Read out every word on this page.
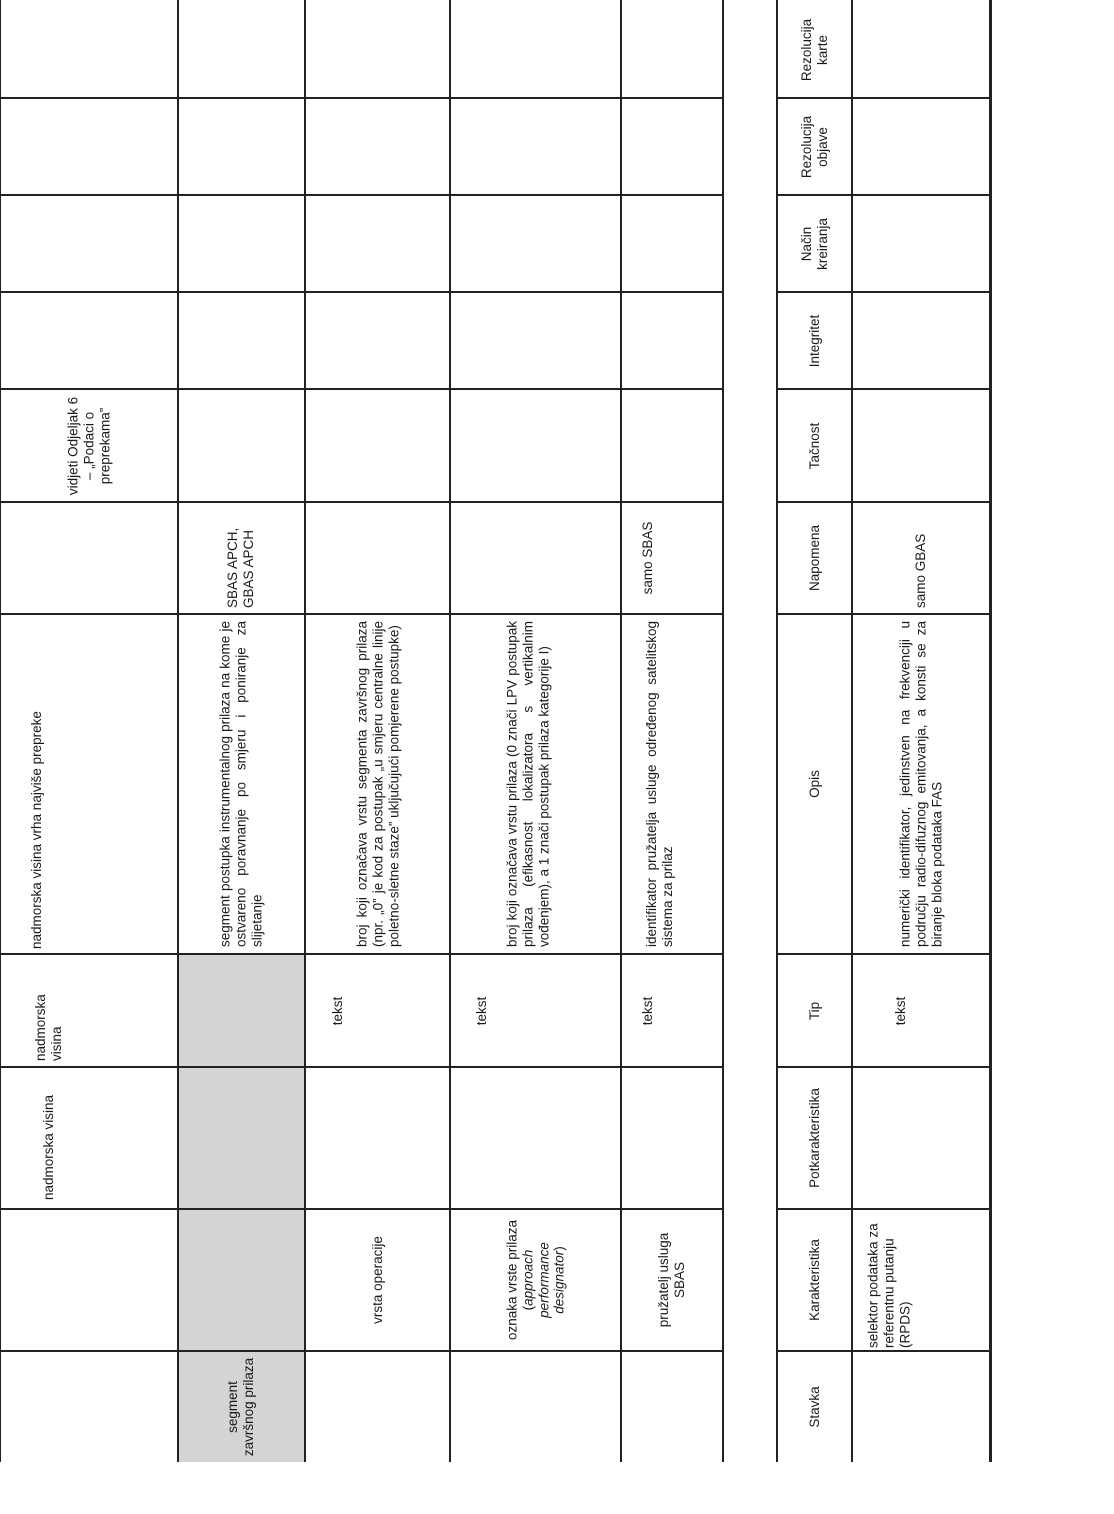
nadmorska visina
nadmorska visina
nadmorska visina vrha najviše prepreke
vidjeti Odjeljak 6 – „Podaci o preprekama”
segment završnog prilaza
segment postupka instrumentalnog prilaza na kome je ostvareno poravnanje po smjeru i poniranje za slijetanje
SBAS APCH, GBAS APCH
vrsta operacije
tekst
broj koji označava vrstu segmenta završnog prilaza (npr. „0” je kod za postupak „u smjeru centralne linije poletno-sletne staze” uključujući pomjerene postupke)
oznaka vrste prilaza (approach performance designator)
tekst
broj koji označava vrstu prilaza (0 znači LPV postupak prilaza (efikasnost lokalizatora s vertikalnim vođenjem), a 1 znači postupak prilaza kategorije I)
pružatelj usluga SBAS
tekst
identifikator pružatelja usluge određenog satelitskog sistema za prilaz
samo SBAS
Stavka
Karakteristika
Potkarakteristika
Tip
Opis
Napomena
Tačnost
Integritet
Način kreiranja
Rezolucija objave
Rezolucija karte
selektor podataka za referentnu putanju (RPDS)
tekst
numerički identifikator, jedinstven na frekvenciji u području radio-difuznog emitovanja, a konsti se za biranje bloka podataka FAS
samo GBAS
